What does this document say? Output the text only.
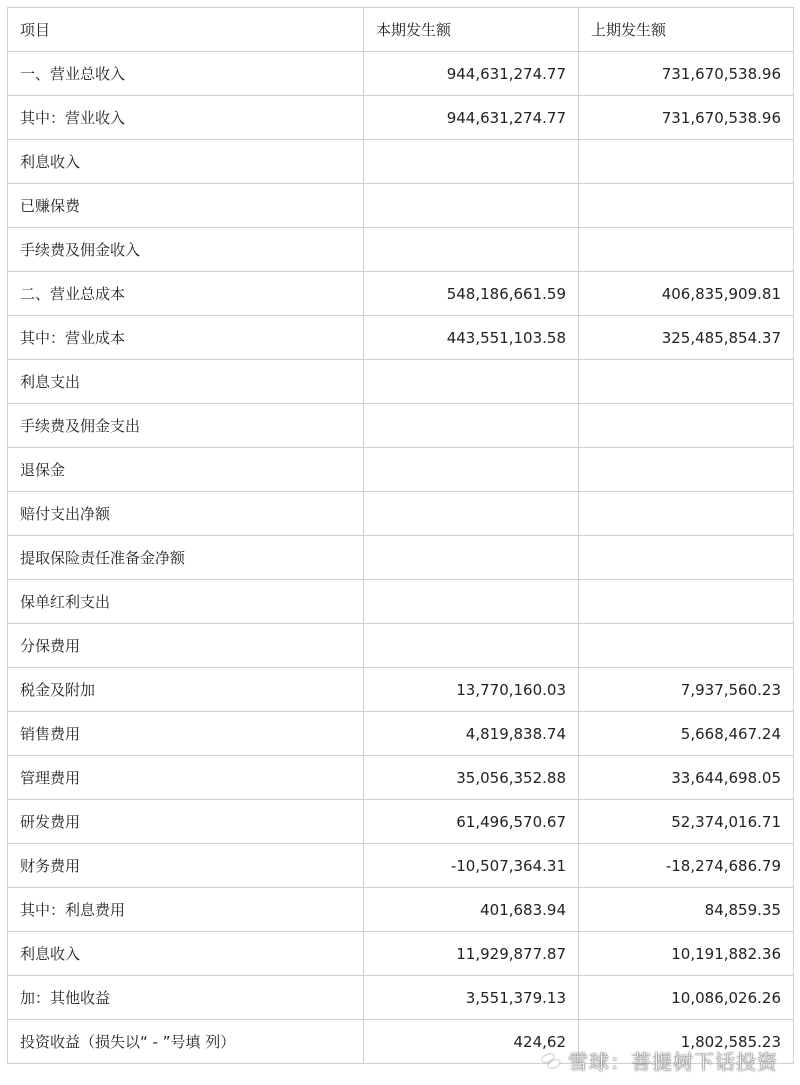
项目	本期发生额	上期发生额
一、营业总收入	944,631,274.77	731,670,538.96
其中：营业收入	944,631,274.77	731,670,538.96
利息收入		
已赚保费		
手续费及佣金收入		
二、营业总成本	548,186,661.59	406,835,909.81
其中：营业成本	443,551,103.58	325,485,854.37
利息支出		
手续费及佣金支出		
退保金		
赔付支出净额		
提取保险责任准备金净额		
保单红利支出		
分保费用		
税金及附加	13,770,160.03	7,937,560.23
销售费用	4,819,838.74	5,668,467.24
管理费用	35,056,352.88	33,644,698.05
研发费用	61,496,570.67	52,374,016.71
财务费用	-10,507,364.31	-18,274,686.79
其中：利息费用	401,683.94	84,859.35
利息收入	11,929,877.87	10,191,882.36
加：其他收益	3,551,379.13	10,086,026.26
投资收益（损失以“ - ”号填 列）	424,62	1,802,585.23
雪球：菩提树下话投资
